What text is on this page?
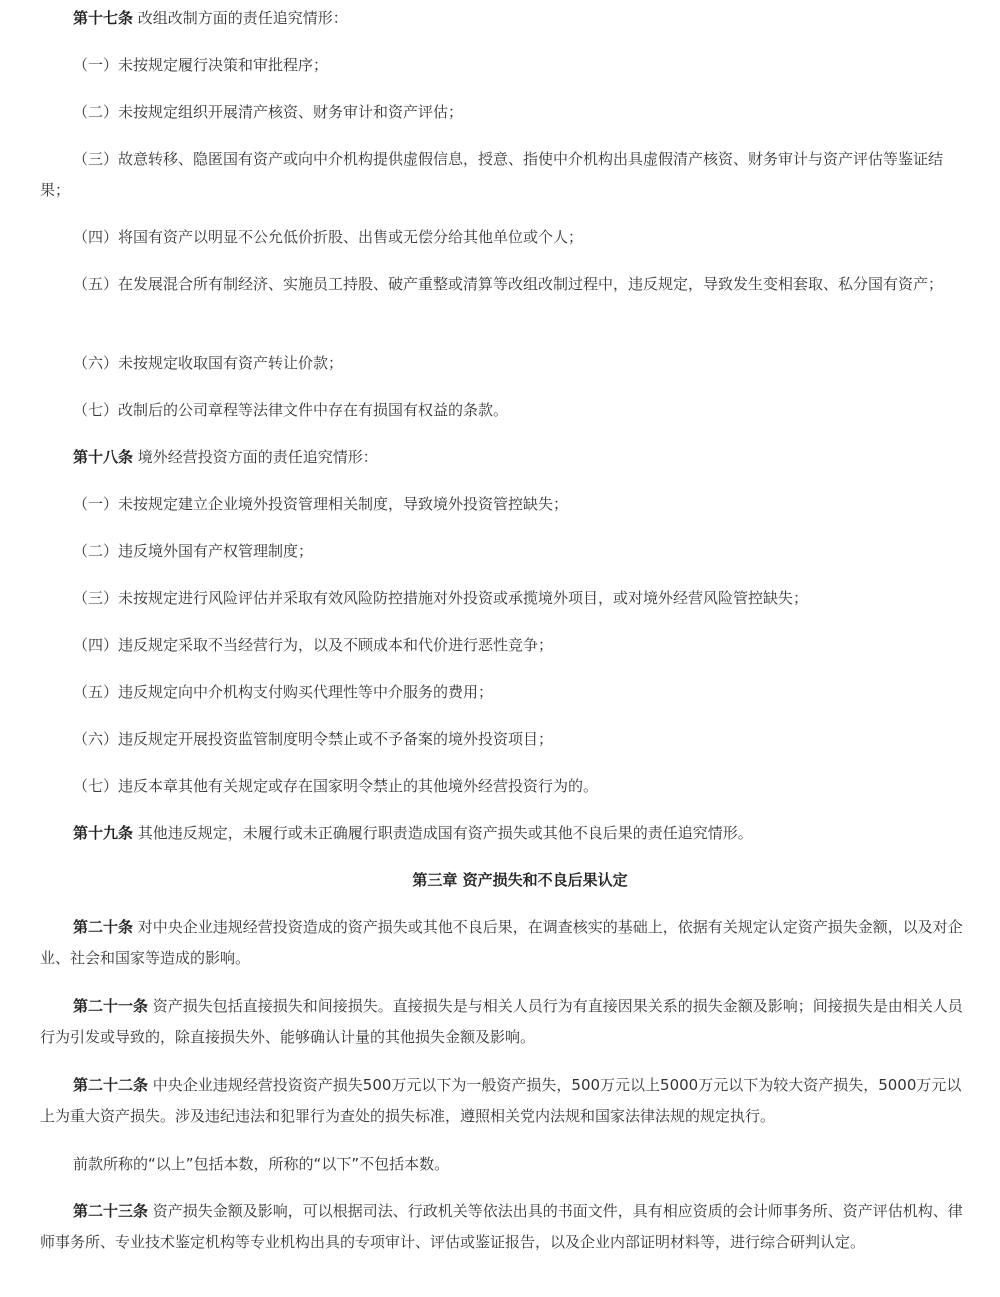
第十七条 改组改制方面的责任追究情形：

（一）未按规定履行决策和审批程序；

（二）未按规定组织开展清产核资、财务审计和资产评估；

（三）故意转移、隐匿国有资产或向中介机构提供虚假信息，授意、指使中介机构出具虚假清产核资、财务审计与资产评估等鉴证结果；

（四）将国有资产以明显不公允低价折股、出售或无偿分给其他单位或个人；

（五）在发展混合所有制经济、实施员工持股、破产重整或清算等改组改制过程中，违反规定，导致发生变相套取、私分国有资产；

（六）未按规定收取国有资产转让价款；

（七）改制后的公司章程等法律文件中存在有损国有权益的条款。

第十八条 境外经营投资方面的责任追究情形：

（一）未按规定建立企业境外投资管理相关制度，导致境外投资管控缺失；

（二）违反境外国有产权管理制度；

（三）未按规定进行风险评估并采取有效风险防控措施对外投资或承揽境外项目，或对境外经营风险管控缺失；

（四）违反规定采取不当经营行为，以及不顾成本和代价进行恶性竞争；

（五）违反规定向中介机构支付购买代理性等中介服务的费用；

（六）违反规定开展投资监管制度明令禁止或不予备案的境外投资项目；

（七）违反本章其他有关规定或存在国家明令禁止的其他境外经营投资行为的。

第十九条 其他违反规定，未履行或未正确履行职责造成国有资产损失或其他不良后果的责任追究情形。

第三章 资产损失和不良后果认定

第二十条 对中央企业违规经营投资造成的资产损失或其他不良后果，在调查核实的基础上，依据有关规定认定资产损失金额，以及对企业、社会和国家等造成的影响。

第二十一条 资产损失包括直接损失和间接损失。直接损失是与相关人员行为有直接因果关系的损失金额及影响；间接损失是由相关人员行为引发或导致的，除直接损失外、能够确认计量的其他损失金额及影响。

第二十二条 中央企业违规经营投资资产损失500万元以下为一般资产损失，500万元以上5000万元以下为较大资产损失，5000万元以上为重大资产损失。涉及违纪违法和犯罪行为查处的损失标准，遵照相关党内法规和国家法律法规的规定执行。

前款所称的“以上”包括本数，所称的“以下”不包括本数。

第二十三条 资产损失金额及影响，可以根据司法、行政机关等依法出具的书面文件，具有相应资质的会计师事务所、资产评估机构、律师事务所、专业技术鉴定机构等专业机构出具的专项审计、评估或鉴证报告，以及企业内部证明材料等，进行综合研判认定。
